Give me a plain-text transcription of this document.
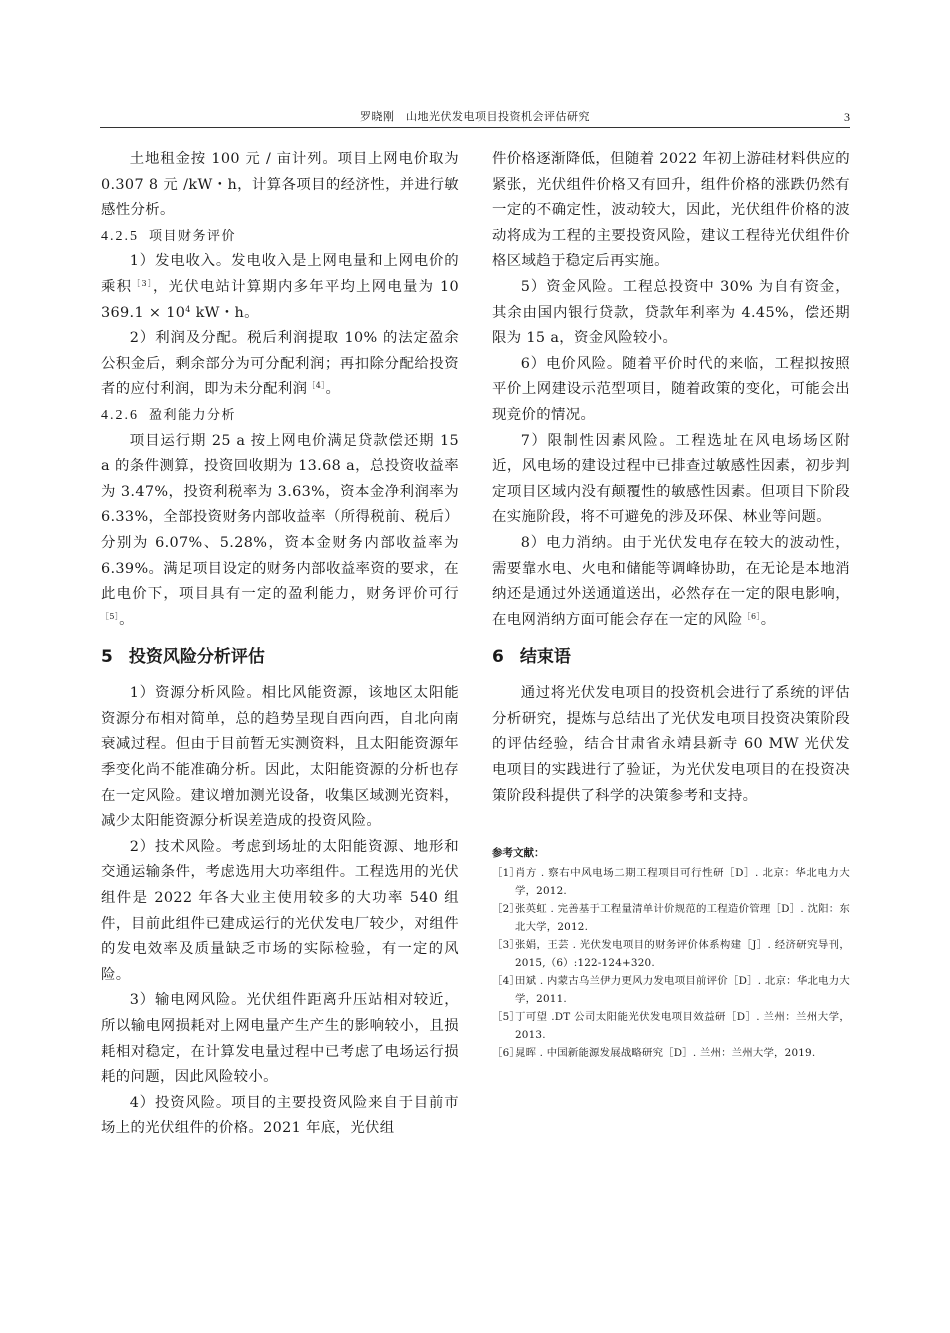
罗晓刚　山地光伏发电项目投资机会评估研究	3

土地租金按 100 元 / 亩计列。项目上网电价取为 0.307 8 元 /kW・h，计算各项目的经济性，并进行敏感性分析。

4.2.5 项目财务评价

1）发电收入。发电收入是上网电量和上网电价的乘积$^{[3]}$，光伏电站计算期内多年平均上网电量为 10 $369.1 \times 10^4$ kW・h。

2）利润及分配。税后利润提取 10% 的法定盈余公积金后，剩余部分为可分配利润；再扣除分配给投资者的应付利润，即为未分配利润$^{[4]}$。

4.2.6 盈利能力分析

项目运行期 25 a 按上网电价满足贷款偿还期 15 a 的条件测算，投资回收期为 13.68 a，总投资收益率为 3.47%，投资利税率为 3.63%，资本金净利润率为 6.33%，全部投资财务内部收益率（所得税前、税后）分别为 6.07%、5.28%，资本金财务内部收益率为 6.39%。满足项目设定的财务内部收益率资的要求，在此电价下，项目具有一定的盈利能力，财务评价可行$^{[5]}$。

5 投资风险分析评估

1）资源分析风险。相比风能资源，该地区太阳能资源分布相对简单，总的趋势呈现自西向西，自北向南衰减过程。但由于目前暂无实测资料，且太阳能资源年季变化尚不能准确分析。因此，太阳能资源的分析也存在一定风险。建议增加测光设备，收集区域测光资料，减少太阳能资源分析误差造成的投资风险。

2）技术风险。考虑到场址的太阳能资源、地形和交通运输条件，考虑选用大功率组件。工程选用的光伏组件是 2022 年各大业主使用较多的大功率 540 组件，目前此组件已建成运行的光伏发电厂较少，对组件的发电效率及质量缺乏市场的实际检验，有一定的风险。

3）输电网风险。光伏组件距离升压站相对较近，所以输电网损耗对上网电量产生产生的影响较小，且损耗相对稳定，在计算发电量过程中已考虑了电场运行损耗的问题，因此风险较小。

4）投资风险。项目的主要投资风险来自于目前市场上的光伏组件的价格。2021 年底，光伏组

件价格逐渐降低，但随着 2022 年初上游硅材料供应的紧张，光伏组件价格又有回升，组件价格的涨跌仍然有一定的不确定性，波动较大，因此，光伏组件价格的波动将成为工程的主要投资风险，建议工程待光伏组件价格区域趋于稳定后再实施。

5）资金风险。工程总投资中 30% 为自有资金，其余由国内银行贷款，贷款年利率为 4.45%，偿还期限为 15 a，资金风险较小。

6）电价风险。随着平价时代的来临，工程拟按照平价上网建设示范型项目，随着政策的变化，可能会出现竞价的情况。

7）限制性因素风险。工程选址在风电场场区附近，风电场的建设过程中已排查过敏感性因素，初步判定项目区域内没有颠覆性的敏感性因素。但项目下阶段在实施阶段，将不可避免的涉及环保、林业等问题。

8）电力消纳。由于光伏发电存在较大的波动性，需要靠水电、火电和储能等调峰协助，在无论是本地消纳还是通过外送通道送出，必然存在一定的限电影响，在电网消纳方面可能会存在一定的风险$^{[6]}$。

6 结束语

通过将光伏发电项目的投资机会进行了系统的评估分析研究，提炼与总结出了光伏发电项目投资决策阶段的评估经验，结合甘肃省永靖县新寺 60 MW 光伏发电项目的实践进行了验证，为光伏发电项目的在投资决策阶段科提供了科学的决策参考和支持。

参考文献：

［1］
肖方 . 察右中风电场二期工程项目可行性研［D］. 北京：华北电力大学，2012.

［2］
张英虹 . 完善基于工程量清单计价规范的工程造价管理［D］. 沈阳：东北大学，2012.

［3］
张娟，王芸 . 光伏发电项目的财务评价体系构建［J］. 经济研究导刊，2015,（6）:122-124+320.

［4］
田斌 . 内蒙古乌兰伊力更风力发电项目前评价［D］. 北京：华北电力大学，2011.

［5］
丁可望 .DT 公司太阳能光伏发电项目效益研［D］. 兰州：兰州大学，2013.

［6］
晁晖 . 中国新能源发展战略研究［D］. 兰州：兰州大学，2019.
